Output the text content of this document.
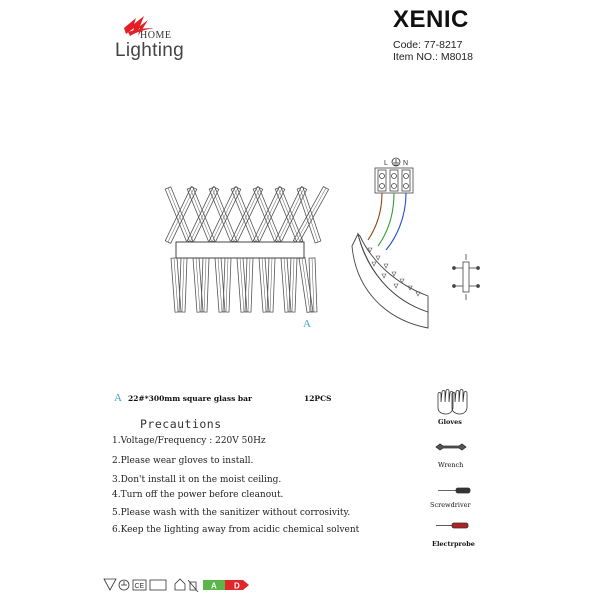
HOME
Lighting
XENIC
Code: 77-8217
Item NO.: M8018
L N
CE	A D
A
A 22#*300mm square glass bar	12PCS
Precautions
1.Voltage/Frequency : 220V 50Hz
2.Please wear gloves to install.
3.Don't install it on the moist ceiling.
4.Turn off the power before cleanout.
5.Please wash with the sanitizer without corrosivity.
6.Keep the lighting away from acidic chemical solvent
Gloves
Wrench
Screwdriver
Electrprobe
